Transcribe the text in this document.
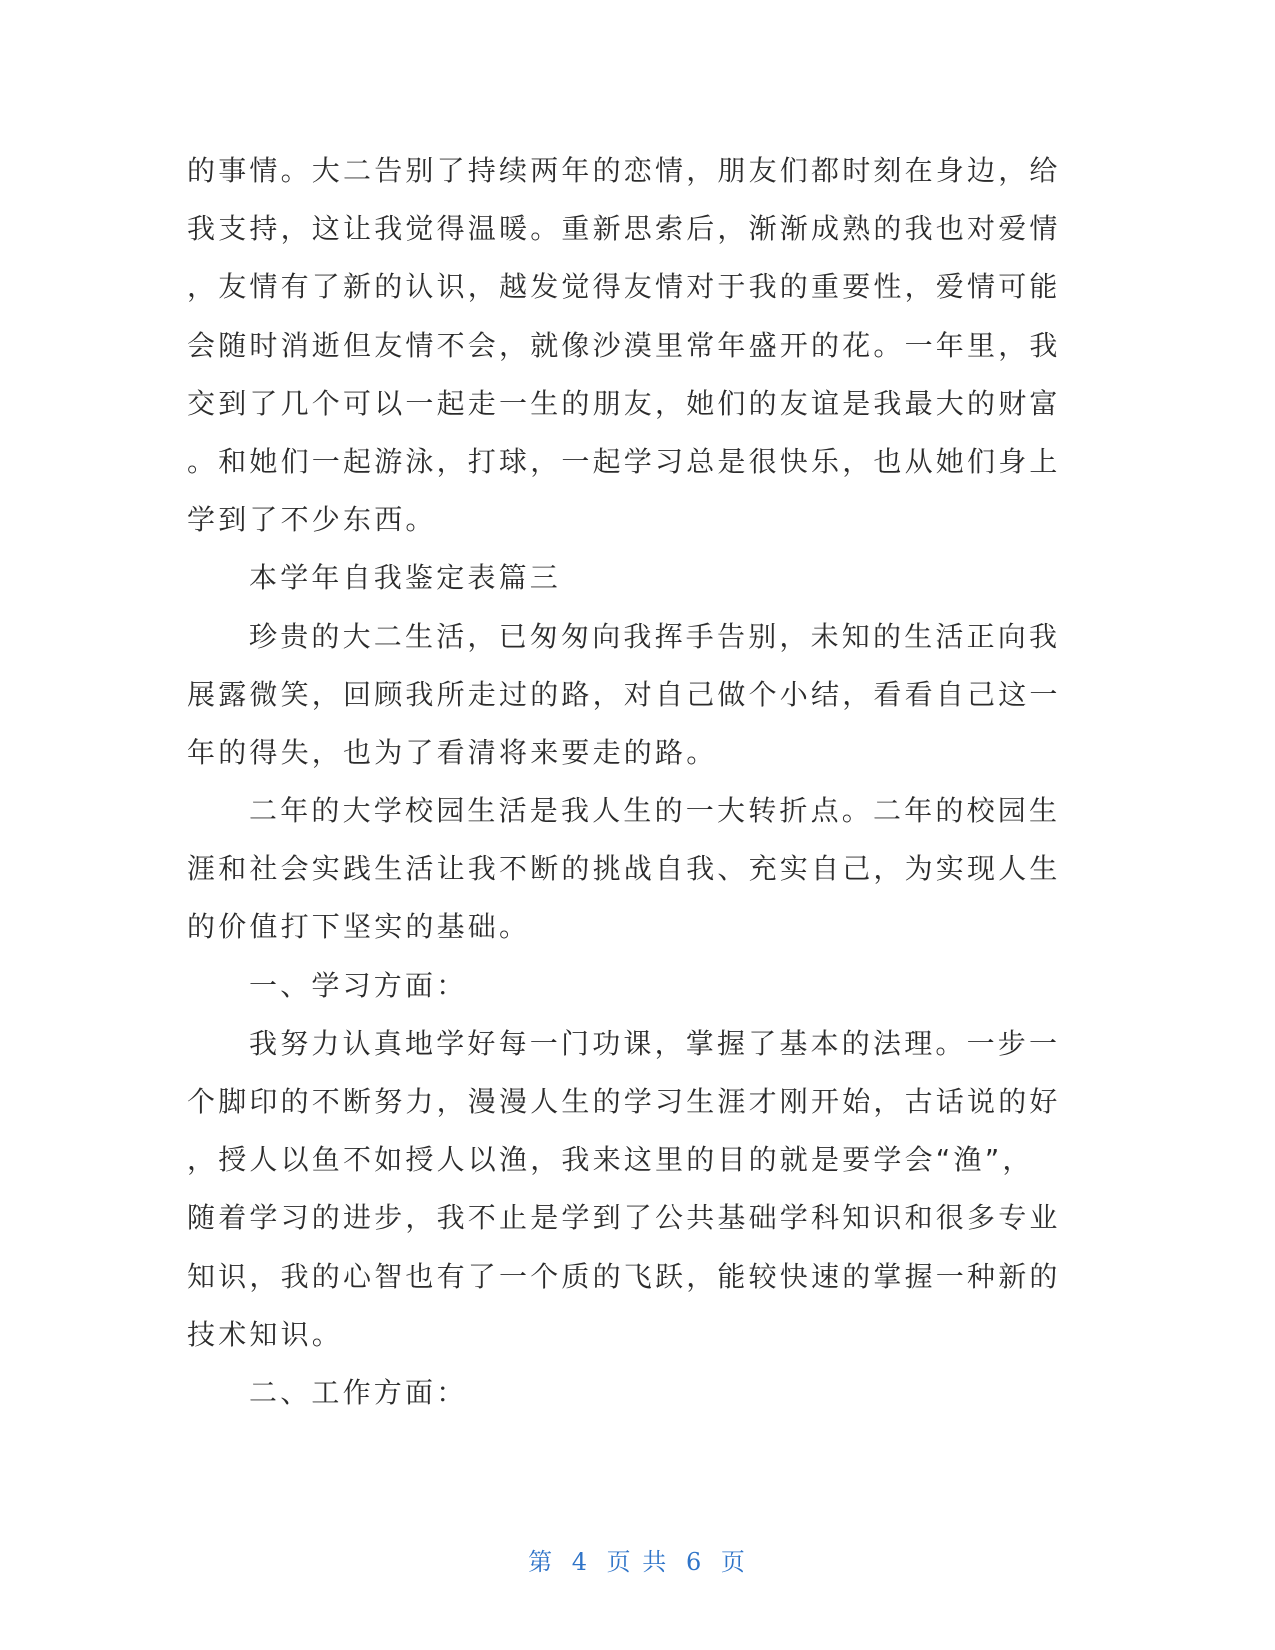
的事情。大二告别了持续两年的恋情，朋友们都时刻在身边，给
我支持，这让我觉得温暖。重新思索后，渐渐成熟的我也对爱情
，友情有了新的认识，越发觉得友情对于我的重要性，爱情可能
会随时消逝但友情不会，就像沙漠里常年盛开的花。一年里，我
交到了几个可以一起走一生的朋友，她们的友谊是我最大的财富
。和她们一起游泳，打球，一起学习总是很快乐，也从她们身上
学到了不少东西。
本学年自我鉴定表篇三
珍贵的大二生活，已匆匆向我挥手告别，未知的生活正向我
展露微笑，回顾我所走过的路，对自己做个小结，看看自己这一
年的得失，也为了看清将来要走的路。
二年的大学校园生活是我人生的一大转折点。二年的校园生
涯和社会实践生活让我不断的挑战自我、充实自己，为实现人生
的价值打下坚实的基础。
一、学习方面：
我努力认真地学好每一门功课，掌握了基本的法理。一步一
个脚印的不断努力，漫漫人生的学习生涯才刚开始，古话说的好
，授人以鱼不如授人以渔，我来这里的目的就是要学会“渔”，
随着学习的进步，我不止是学到了公共基础学科知识和很多专业
知识，我的心智也有了一个质的飞跃，能较快速的掌握一种新的
技术知识。
二、工作方面：
第 4 页 共 6 页
